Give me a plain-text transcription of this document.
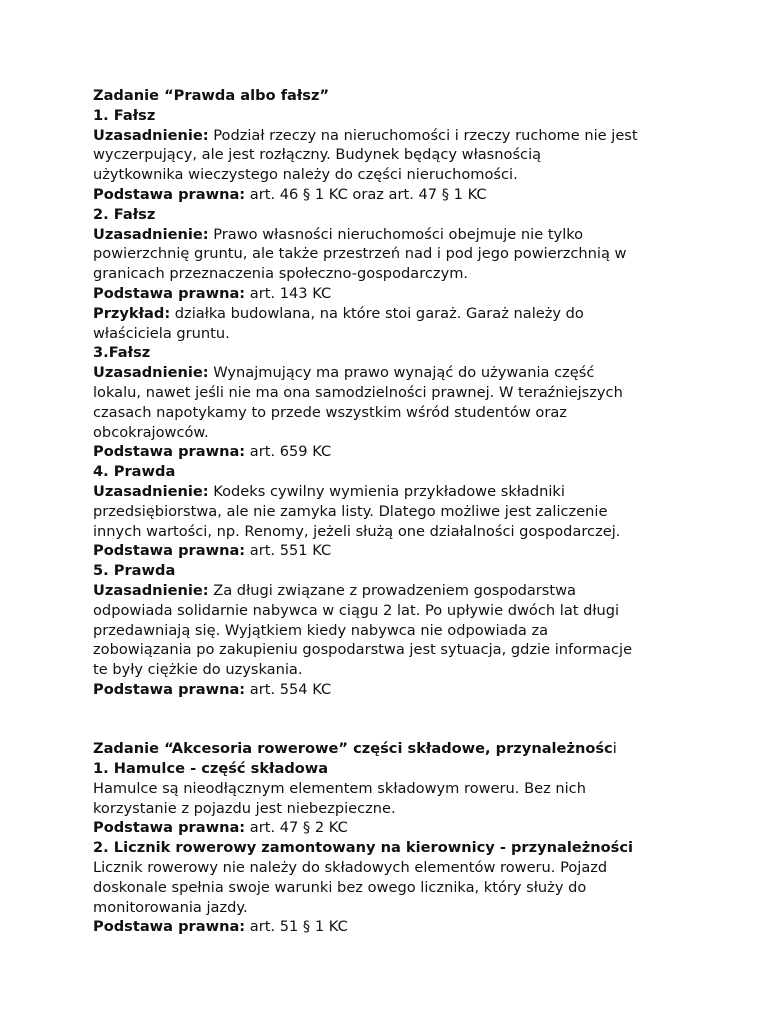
Zadanie “Prawda albo fałsz”
1. Fałsz
Uzasadnienie: Podział rzeczy na nieruchomości i rzeczy ruchome nie jest
wyczerpujący, ale jest rozłączny. Budynek będący własnością
użytkownika wieczystego należy do części nieruchomości.
Podstawa prawna: art. 46 § 1 KC oraz art. 47 § 1 KC
2. Fałsz
Uzasadnienie: Prawo własności nieruchomości obejmuje nie tylko
powierzchnię gruntu, ale także przestrzeń nad i pod jego powierzchnią w
granicach przeznaczenia społeczno-gospodarczym.
Podstawa prawna: art. 143 KC
Przykład: działka budowlana, na które stoi garaż. Garaż należy do
właściciela gruntu.
3.Fałsz
Uzasadnienie: Wynajmujący ma prawo wynająć do używania część
lokalu, nawet jeśli nie ma ona samodzielności prawnej. W teraźniejszych
czasach napotykamy to przede wszystkim wśród studentów oraz
obcokrajowców.
Podstawa prawna: art. 659 KC
4. Prawda
Uzasadnienie: Kodeks cywilny wymienia przykładowe składniki
przedsiębiorstwa, ale nie zamyka listy. Dlatego możliwe jest zaliczenie
innych wartości, np. Renomy, jeżeli służą one działalności gospodarczej.
Podstawa prawna: art. 551 KC
5. Prawda
Uzasadnienie: Za długi związane z prowadzeniem gospodarstwa
odpowiada solidarnie nabywca w ciągu 2 lat. Po upływie dwóch lat długi
przedawniają się. Wyjątkiem kiedy nabywca nie odpowiada za
zobowiązania po zakupieniu gospodarstwa jest sytuacja, gdzie informacje
te były ciężkie do uzyskania.
Podstawa prawna: art. 554 KC
Zadanie “Akcesoria rowerowe” części składowe, przynależności
1. Hamulce - część składowa
Hamulce są nieodłącznym elementem składowym roweru. Bez nich
korzystanie z pojazdu jest niebezpieczne.
Podstawa prawna: art. 47 § 2 KC
2. Licznik rowerowy zamontowany na kierownicy - przynależności
Licznik rowerowy nie należy do składowych elementów roweru. Pojazd
doskonale spełnia swoje warunki bez owego licznika, który służy do
monitorowania jazdy.
Podstawa prawna: art. 51 § 1 KC
